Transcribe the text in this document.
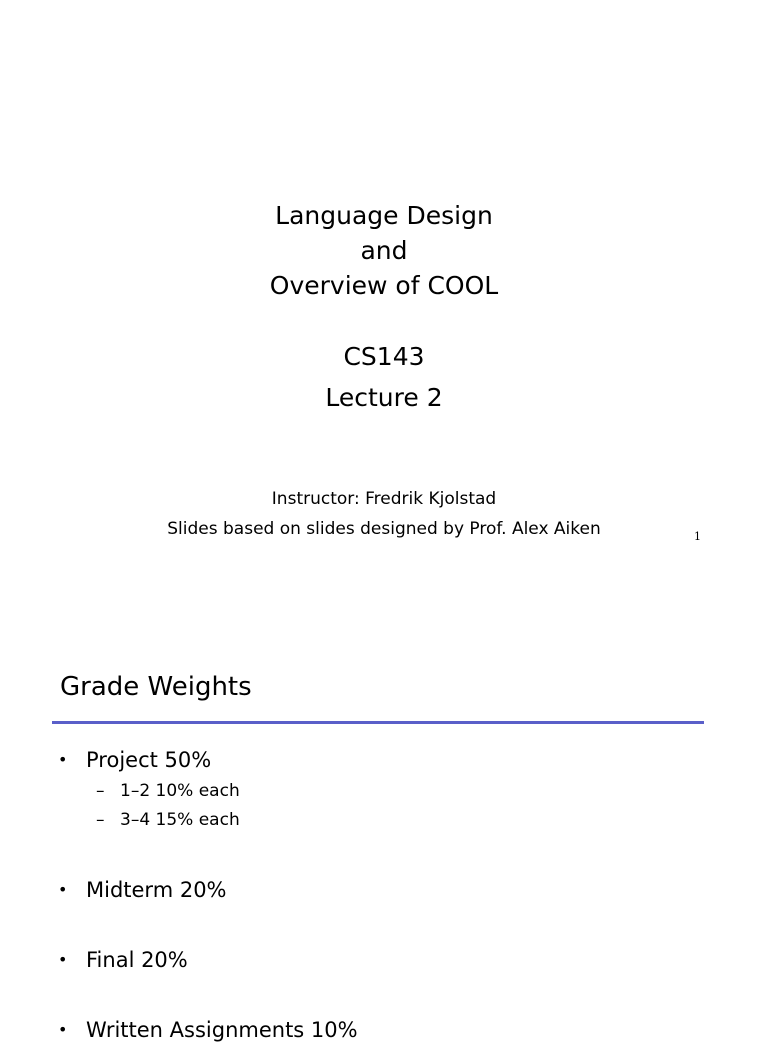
Language Design
and
Overview of COOL
CS143
Lecture 2
Instructor: Fredrik Kjolstad
Slides based on slides designed by Prof. Alex Aiken	1
Grade Weights
• Project 50%
– 1–2 10% each
– 3–4 15% each
• Midterm 20%
• Final 20%
• Written Assignments 10%
